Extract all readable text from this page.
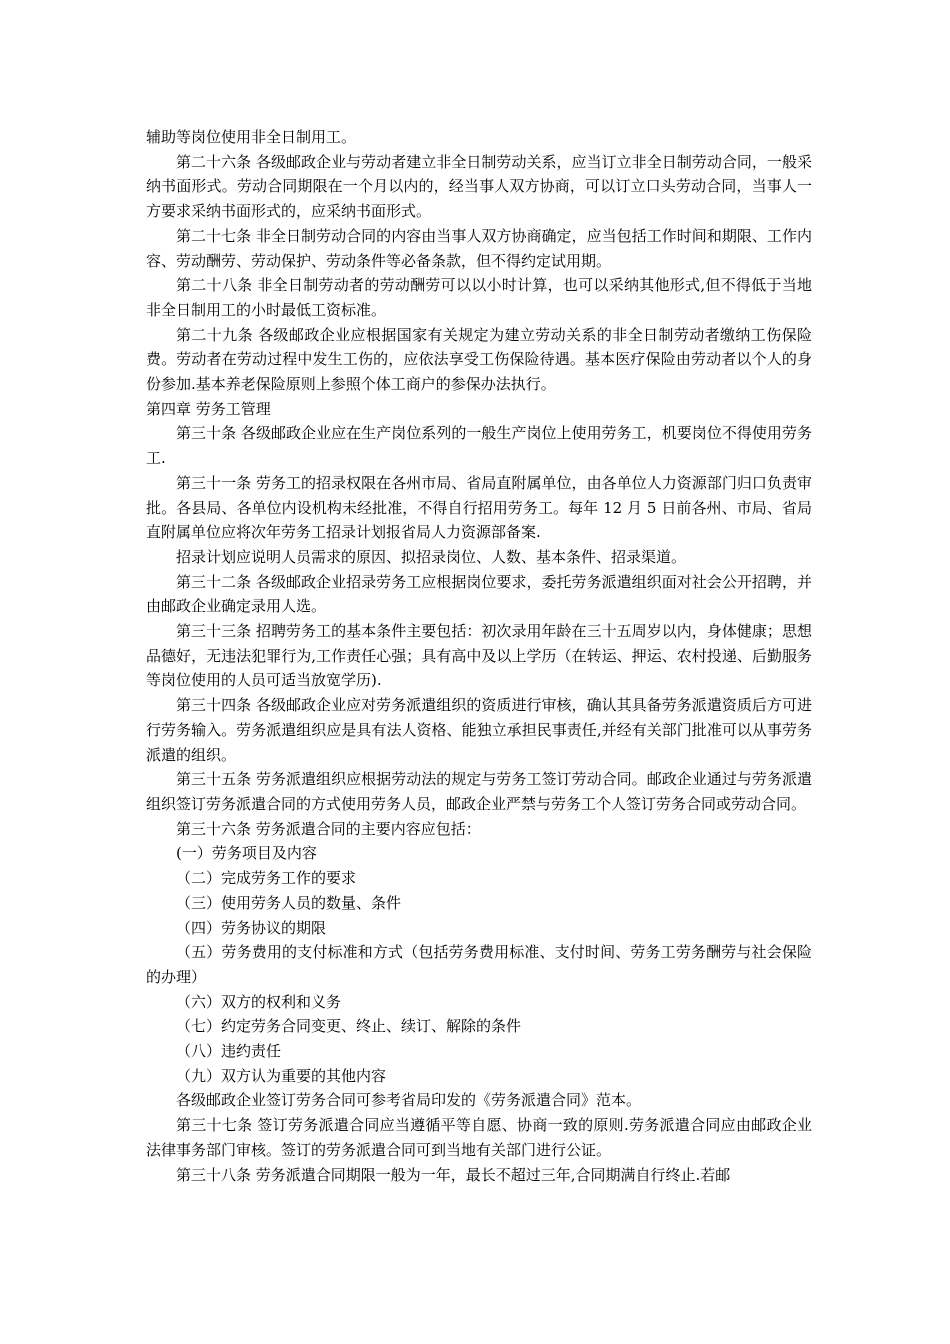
辅助等岗位使用非全日制用工。

第二十六条 各级邮政企业与劳动者建立非全日制劳动关系，应当订立非全日制劳动合同，一般采纳书面形式。劳动合同期限在一个月以内的，经当事人双方协商，可以订立口头劳动合同，当事人一方要求采纳书面形式的，应采纳书面形式。

第二十七条 非全日制劳动合同的内容由当事人双方协商确定，应当包括工作时间和期限、工作内容、劳动酬劳、劳动保护、劳动条件等必备条款，但不得约定试用期。

第二十八条 非全日制劳动者的劳动酬劳可以以小时计算，也可以采纳其他形式,但不得低于当地非全日制用工的小时最低工资标准。

第二十九条 各级邮政企业应根据国家有关规定为建立劳动关系的非全日制劳动者缴纳工伤保险费。劳动者在劳动过程中发生工伤的，应依法享受工伤保险待遇。基本医疗保险由劳动者以个人的身份参加.基本养老保险原则上参照个体工商户的参保办法执行。

第四章 劳务工管理

第三十条 各级邮政企业应在生产岗位系列的一般生产岗位上使用劳务工，机要岗位不得使用劳务工.

第三十一条 劳务工的招录权限在各州市局、省局直附属单位，由各单位人力资源部门归口负责审批。各县局、各单位内设机构未经批准，不得自行招用劳务工。每年 12 月 5 日前各州、市局、省局直附属单位应将次年劳务工招录计划报省局人力资源部备案.

招录计划应说明人员需求的原因、拟招录岗位、人数、基本条件、招录渠道。

第三十二条 各级邮政企业招录劳务工应根据岗位要求，委托劳务派遣组织面对社会公开招聘，并由邮政企业确定录用人选。

第三十三条 招聘劳务工的基本条件主要包括：初次录用年龄在三十五周岁以内，身体健康；思想品德好，无违法犯罪行为,工作责任心强；具有高中及以上学历（在转运、押运、农村投递、后勤服务等岗位使用的人员可适当放宽学历).

第三十四条 各级邮政企业应对劳务派遣组织的资质进行审核，确认其具备劳务派遣资质后方可进行劳务输入。劳务派遣组织应是具有法人资格、能独立承担民事责任,并经有关部门批准可以从事劳务派遣的组织。

第三十五条 劳务派遣组织应根据劳动法的规定与劳务工签订劳动合同。邮政企业通过与劳务派遣组织签订劳务派遣合同的方式使用劳务人员，邮政企业严禁与劳务工个人签订劳务合同或劳动合同。

第三十六条 劳务派遣合同的主要内容应包括：

(一）劳务项目及内容

（二）完成劳务工作的要求

（三）使用劳务人员的数量、条件

（四）劳务协议的期限

（五）劳务费用的支付标准和方式（包括劳务费用标准、支付时间、劳务工劳务酬劳与社会保险的办理）

（六）双方的权利和义务

（七）约定劳务合同变更、终止、续订、解除的条件

（八）违约责任

（九）双方认为重要的其他内容

各级邮政企业签订劳务合同可参考省局印发的《劳务派遣合同》范本。

第三十七条 签订劳务派遣合同应当遵循平等自愿、协商一致的原则.劳务派遣合同应由邮政企业法律事务部门审核。签订的劳务派遣合同可到当地有关部门进行公证。

第三十八条 劳务派遣合同期限一般为一年，最长不超过三年,合同期满自行终止.若邮
